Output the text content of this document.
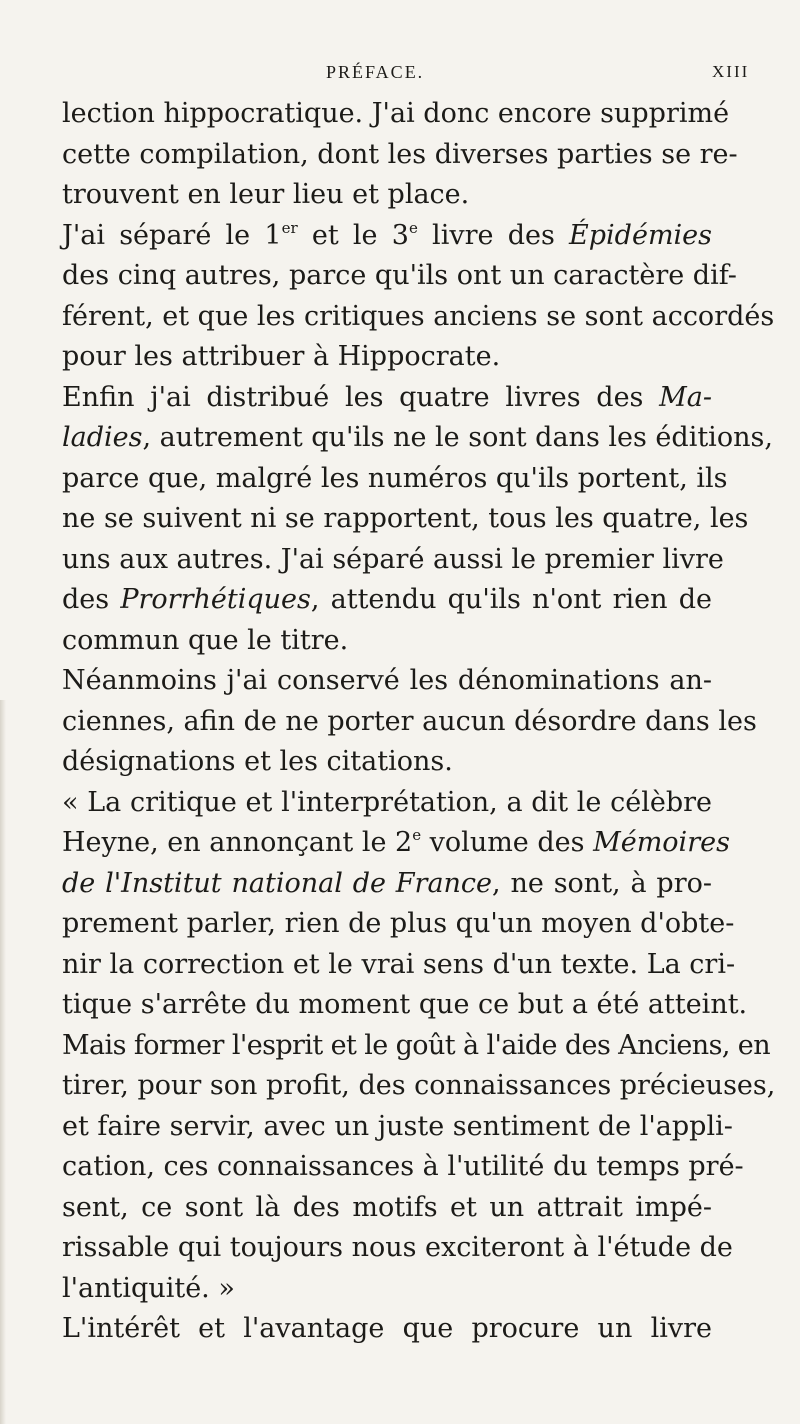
PRÉFACE.	XIII
lection hippocratique. J'ai donc encore supprimé
cette compilation, dont les diverses parties se re-
trouvent en leur lieu et place.
J'ai séparé le 1er et le 3e livre des Épidémies
des cinq autres, parce qu'ils ont un caractère dif-
férent, et que les critiques anciens se sont accordés
pour les attribuer à Hippocrate.
Enfin j'ai distribué les quatre livres des Ma-
ladies, autrement qu'ils ne le sont dans les éditions,
parce que, malgré les numéros qu'ils portent, ils
ne se suivent ni se rapportent, tous les quatre, les
uns aux autres. J'ai séparé aussi le premier livre
des Prorrhétiques, attendu qu'ils n'ont rien de
commun que le titre.
Néanmoins j'ai conservé les dénominations an-
ciennes, afin de ne porter aucun désordre dans les
désignations et les citations.
« La critique et l'interprétation, a dit le célèbre
Heyne, en annonçant le 2e volume des Mémoires
de l'Institut national de France, ne sont, à pro-
prement parler, rien de plus qu'un moyen d'obte-
nir la correction et le vrai sens d'un texte. La cri-
tique s'arrête du moment que ce but a été atteint.
Mais former l'esprit et le goût à l'aide des Anciens, en
tirer, pour son profit, des connaissances précieuses,
et faire servir, avec un juste sentiment de l'appli-
cation, ces connaissances à l'utilité du temps pré-
sent, ce sont là des motifs et un attrait impé-
rissable qui toujours nous exciteront à l'étude de
l'antiquité. »
L'intérêt et l'avantage que procure un livre
